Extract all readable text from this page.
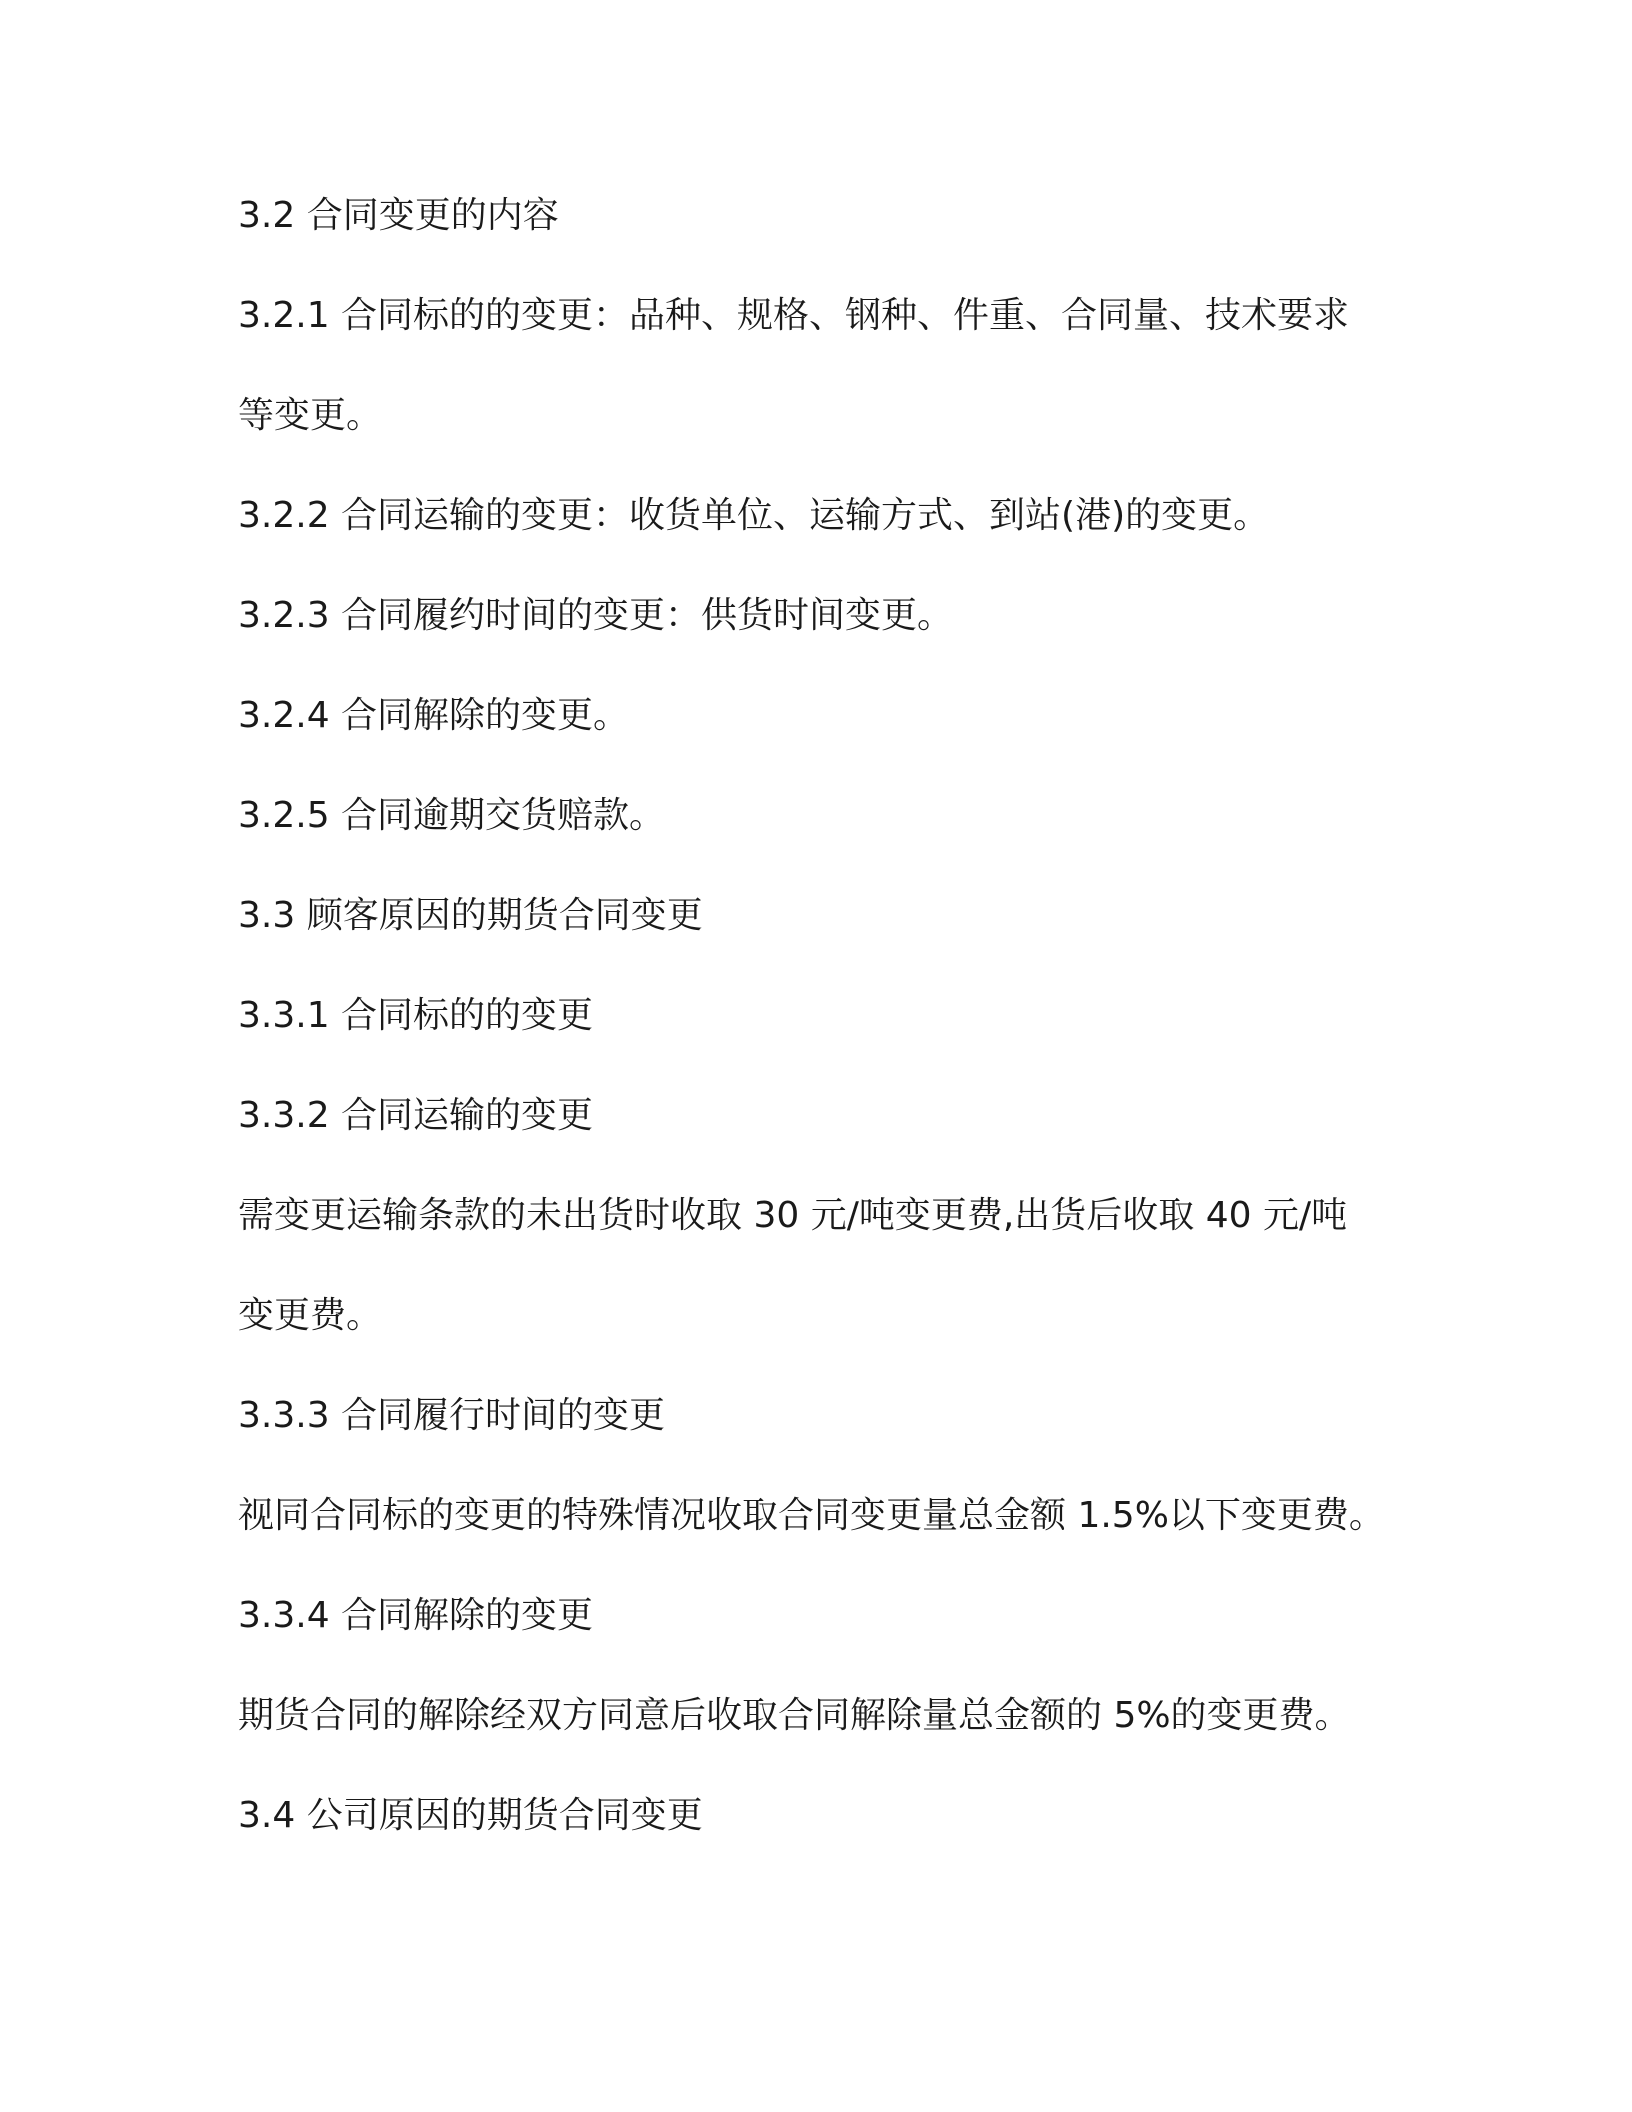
3.2 合同变更的内容

3.2.1 合同标的的变更：品种、规格、钢种、件重、合同量、技术要求

等变更。

3.2.2 合同运输的变更：收货单位、运输方式、到站(港)的变更。

3.2.3 合同履约时间的变更：供货时间变更。

3.2.4 合同解除的变更。

3.2.5 合同逾期交货赔款。

3.3 顾客原因的期货合同变更

3.3.1 合同标的的变更

3.3.2 合同运输的变更

需变更运输条款的未出货时收取 30 元/吨变更费,出货后收取 40 元/吨

变更费。

3.3.3 合同履行时间的变更

视同合同标的变更的特殊情况收取合同变更量总金额 1.5%以下变更费。

3.3.4 合同解除的变更

期货合同的解除经双方同意后收取合同解除量总金额的 5%的变更费。

3.4 公司原因的期货合同变更
